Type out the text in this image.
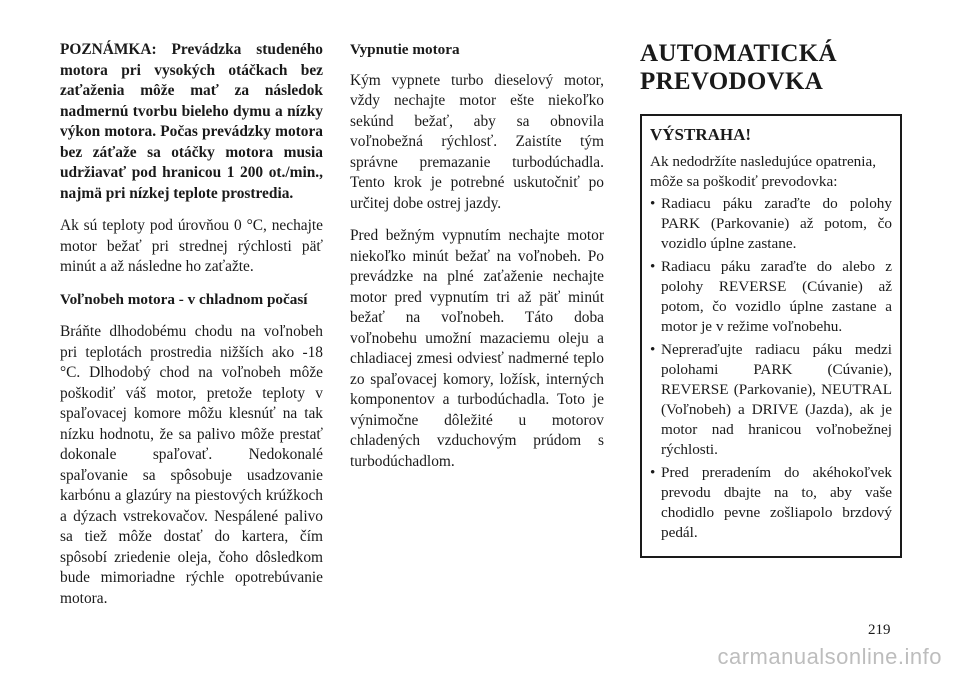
POZNÁMKA: Prevádzka studeného motora pri vysokých otáčkach bez zaťaženia môže mať za následok nadmernú tvorbu bieleho dymu a nízky výkon motora. Počas prevádzky motora bez záťaže sa otáčky motora musia udržiavať pod hranicou 1 200 ot./min., najmä pri nízkej teplote prostredia.

Ak sú teploty pod úrovňou 0 °C, nechajte motor bežať pri strednej rýchlosti päť minút a až následne ho zaťažte.

Voľnobeh motora - v chladnom počasí

Bráňte dlhodobému chodu na voľnobeh pri teplotách prostredia nižších ako -18 °C. Dlhodobý chod na voľnobeh môže poškodiť váš motor, pretože teploty v spaľovacej komore môžu klesnúť na tak nízku hodnotu, že sa palivo môže prestať dokonale spaľovať. Nedokonalé spaľovanie sa spôsobuje usadzovanie karbónu a glazúry na piestových krúžkoch a dýzach vstrekovačov. Nespálené palivo sa tiež môže dostať do kartera, čím spôsobí zriedenie oleja, čoho dôsledkom bude mimoriadne rýchle opotrebúvanie motora.

Vypnutie motora

Kým vypnete turbo dieselový motor, vždy nechajte motor ešte niekoľko sekúnd bežať, aby sa obnovila voľnobežná rýchlosť. Zaistíte tým správne premazanie turbodúchadla. Tento krok je potrebné uskutočniť po určitej dobe ostrej jazdy.

Pred bežným vypnutím nechajte motor niekoľko minút bežať na voľnobeh. Po prevádzke na plné zaťaženie nechajte motor pred vypnutím tri až päť minút bežať na voľnobeh. Táto doba voľnobehu umožní mazaciemu oleju a chladiacej zmesi odviesť nadmerné teplo zo spaľovacej komory, ložísk, interných komponentov a turbodúchadla. Toto je výnimočne dôležité u motorov chladených vzduchovým prúdom s turbodúchadlom.

AUTOMATICKÁ
PREVODOVKA
VÝSTRAHA!
Ak nedodržíte nasledujúce opatrenia, môže sa poškodiť prevodovka:
• Radiacu páku zaraďte do polohy PARK (Parkovanie) až potom, čo vozidlo úplne zastane.
• Radiacu páku zaraďte do alebo z polohy REVERSE (Cúvanie) až potom, čo vozidlo úplne zastane a motor je v režime voľnobehu.
• Nepreraďujte radiacu páku medzi polohami PARK (Cúvanie), REVERSE (Parkovanie), NEUTRAL (Voľnobeh) a DRIVE (Jazda), ak je motor nad hranicou voľnobežnej rýchlosti.
• Pred preradením do akéhokoľvek prevodu dbajte na to, aby vaše chodidlo pevne zošliapolo brzdový pedál.
219
carmanualsonline.info
